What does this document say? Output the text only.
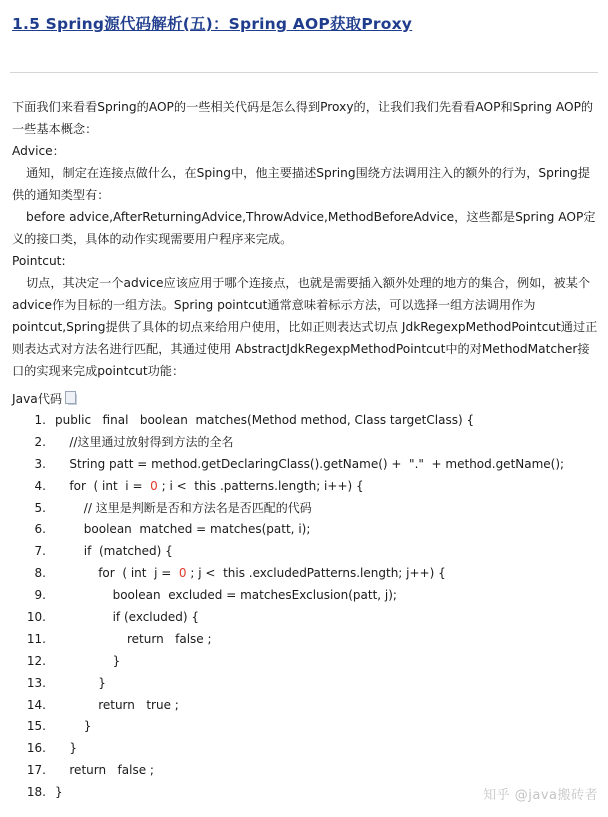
1.5 Spring源代码解析(五)：Spring AOP获取Proxy

下面我们来看看Spring的AOP的一些相关代码是怎么得到Proxy的，让我们我们先看看AOP和Spring AOP的一些基本概念：

Advice：

通知，制定在连接点做什么，在Sping中，他主要描述Spring围绕方法调用注入的额外的行为，Spring提供的通知类型有：

before advice,AfterReturningAdvice,ThrowAdvice,MethodBeforeAdvice，这些都是Spring AOP定义的接口类，具体的动作实现需要用户程序来完成。

Pointcut:

切点，其决定一个advice应该应用于哪个连接点，也就是需要插入额外处理的地方的集合，例如，被某个advice作为目标的一组方法。Spring pointcut通常意味着标示方法，可以选择一组方法调用作为pointcut,Spring提供了具体的切点来给用户使用，比如正则表达式切点 JdkRegexpMethodPointcut通过正则表达式对方法名进行匹配，其通过使用 AbstractJdkRegexpMethodPointcut中的对MethodMatcher接口的实现来完成pointcut功能：

Java代码
1. public   final   boolean  matches(Method method, Class targetClass) {
2.	//这里通过放射得到方法的全名
3.	String patt = method.getDeclaringClass().getName() +  "."  + method.getName();
4.	for  ( int  i =  0 ; i <  this .patterns.length; i++) {
5.	// 这里是判断是否和方法名是否匹配的代码
6.	boolean  matched = matches(patt, i);
7.	if  (matched) {
8.	for  ( int  j =  0 ; j <  this .excludedPatterns.length; j++) {
9.	boolean  excluded = matchesExclusion(patt, j);
10.	if (excluded) {
11.	return   false ;
12.	}
13.	}
14.	return   true ;
15.	}
16.	}
17.	return   false ;
18. }	知乎 @java搬砖者
